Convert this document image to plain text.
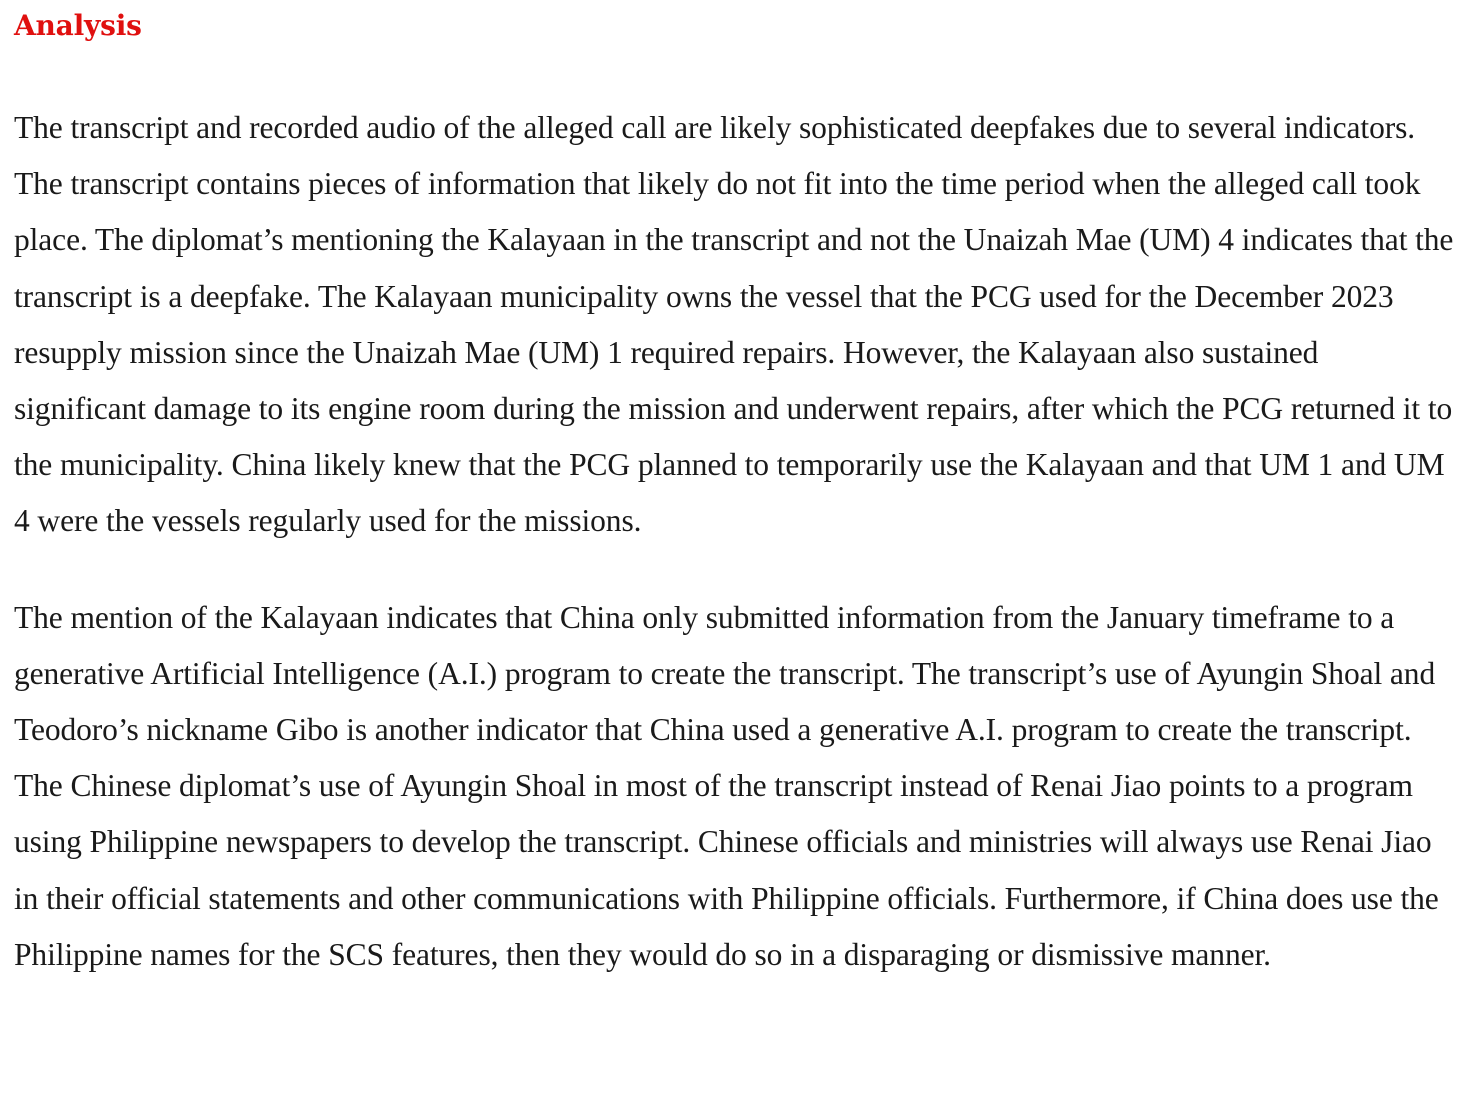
Analysis

The transcript and recorded audio of the alleged call are likely sophisticated deepfakes due to several indicators. The transcript contains pieces of information that likely do not fit into the time period when the alleged call took place. The diplomat’s mentioning the Kalayaan in the transcript and not the Unaizah Mae (UM) 4 indicates that the transcript is a deepfake. The Kalayaan municipality owns the vessel that the PCG used for the December 2023 resupply mission since the Unaizah Mae (UM) 1 required repairs. However, the Kalayaan also sustained significant damage to its engine room during the mission and underwent repairs, after which the PCG returned it to the municipality. China likely knew that the PCG planned to temporarily use the Kalayaan and that UM 1 and UM 4 were the vessels regularly used for the missions.

The mention of the Kalayaan indicates that China only submitted information from the January timeframe to a generative Artificial Intelligence (A.I.) program to create the transcript. The transcript’s use of Ayungin Shoal and Teodoro’s nickname Gibo is another indicator that China used a generative A.I. program to create the transcript. The Chinese diplomat’s use of Ayungin Shoal in most of the transcript instead of Renai Jiao points to a program using Philippine newspapers to develop the transcript. Chinese officials and ministries will always use Renai Jiao in their official statements and other communications with Philippine officials. Furthermore, if China does use the Philippine names for the SCS features, then they would do so in a disparaging or dismissive manner.
